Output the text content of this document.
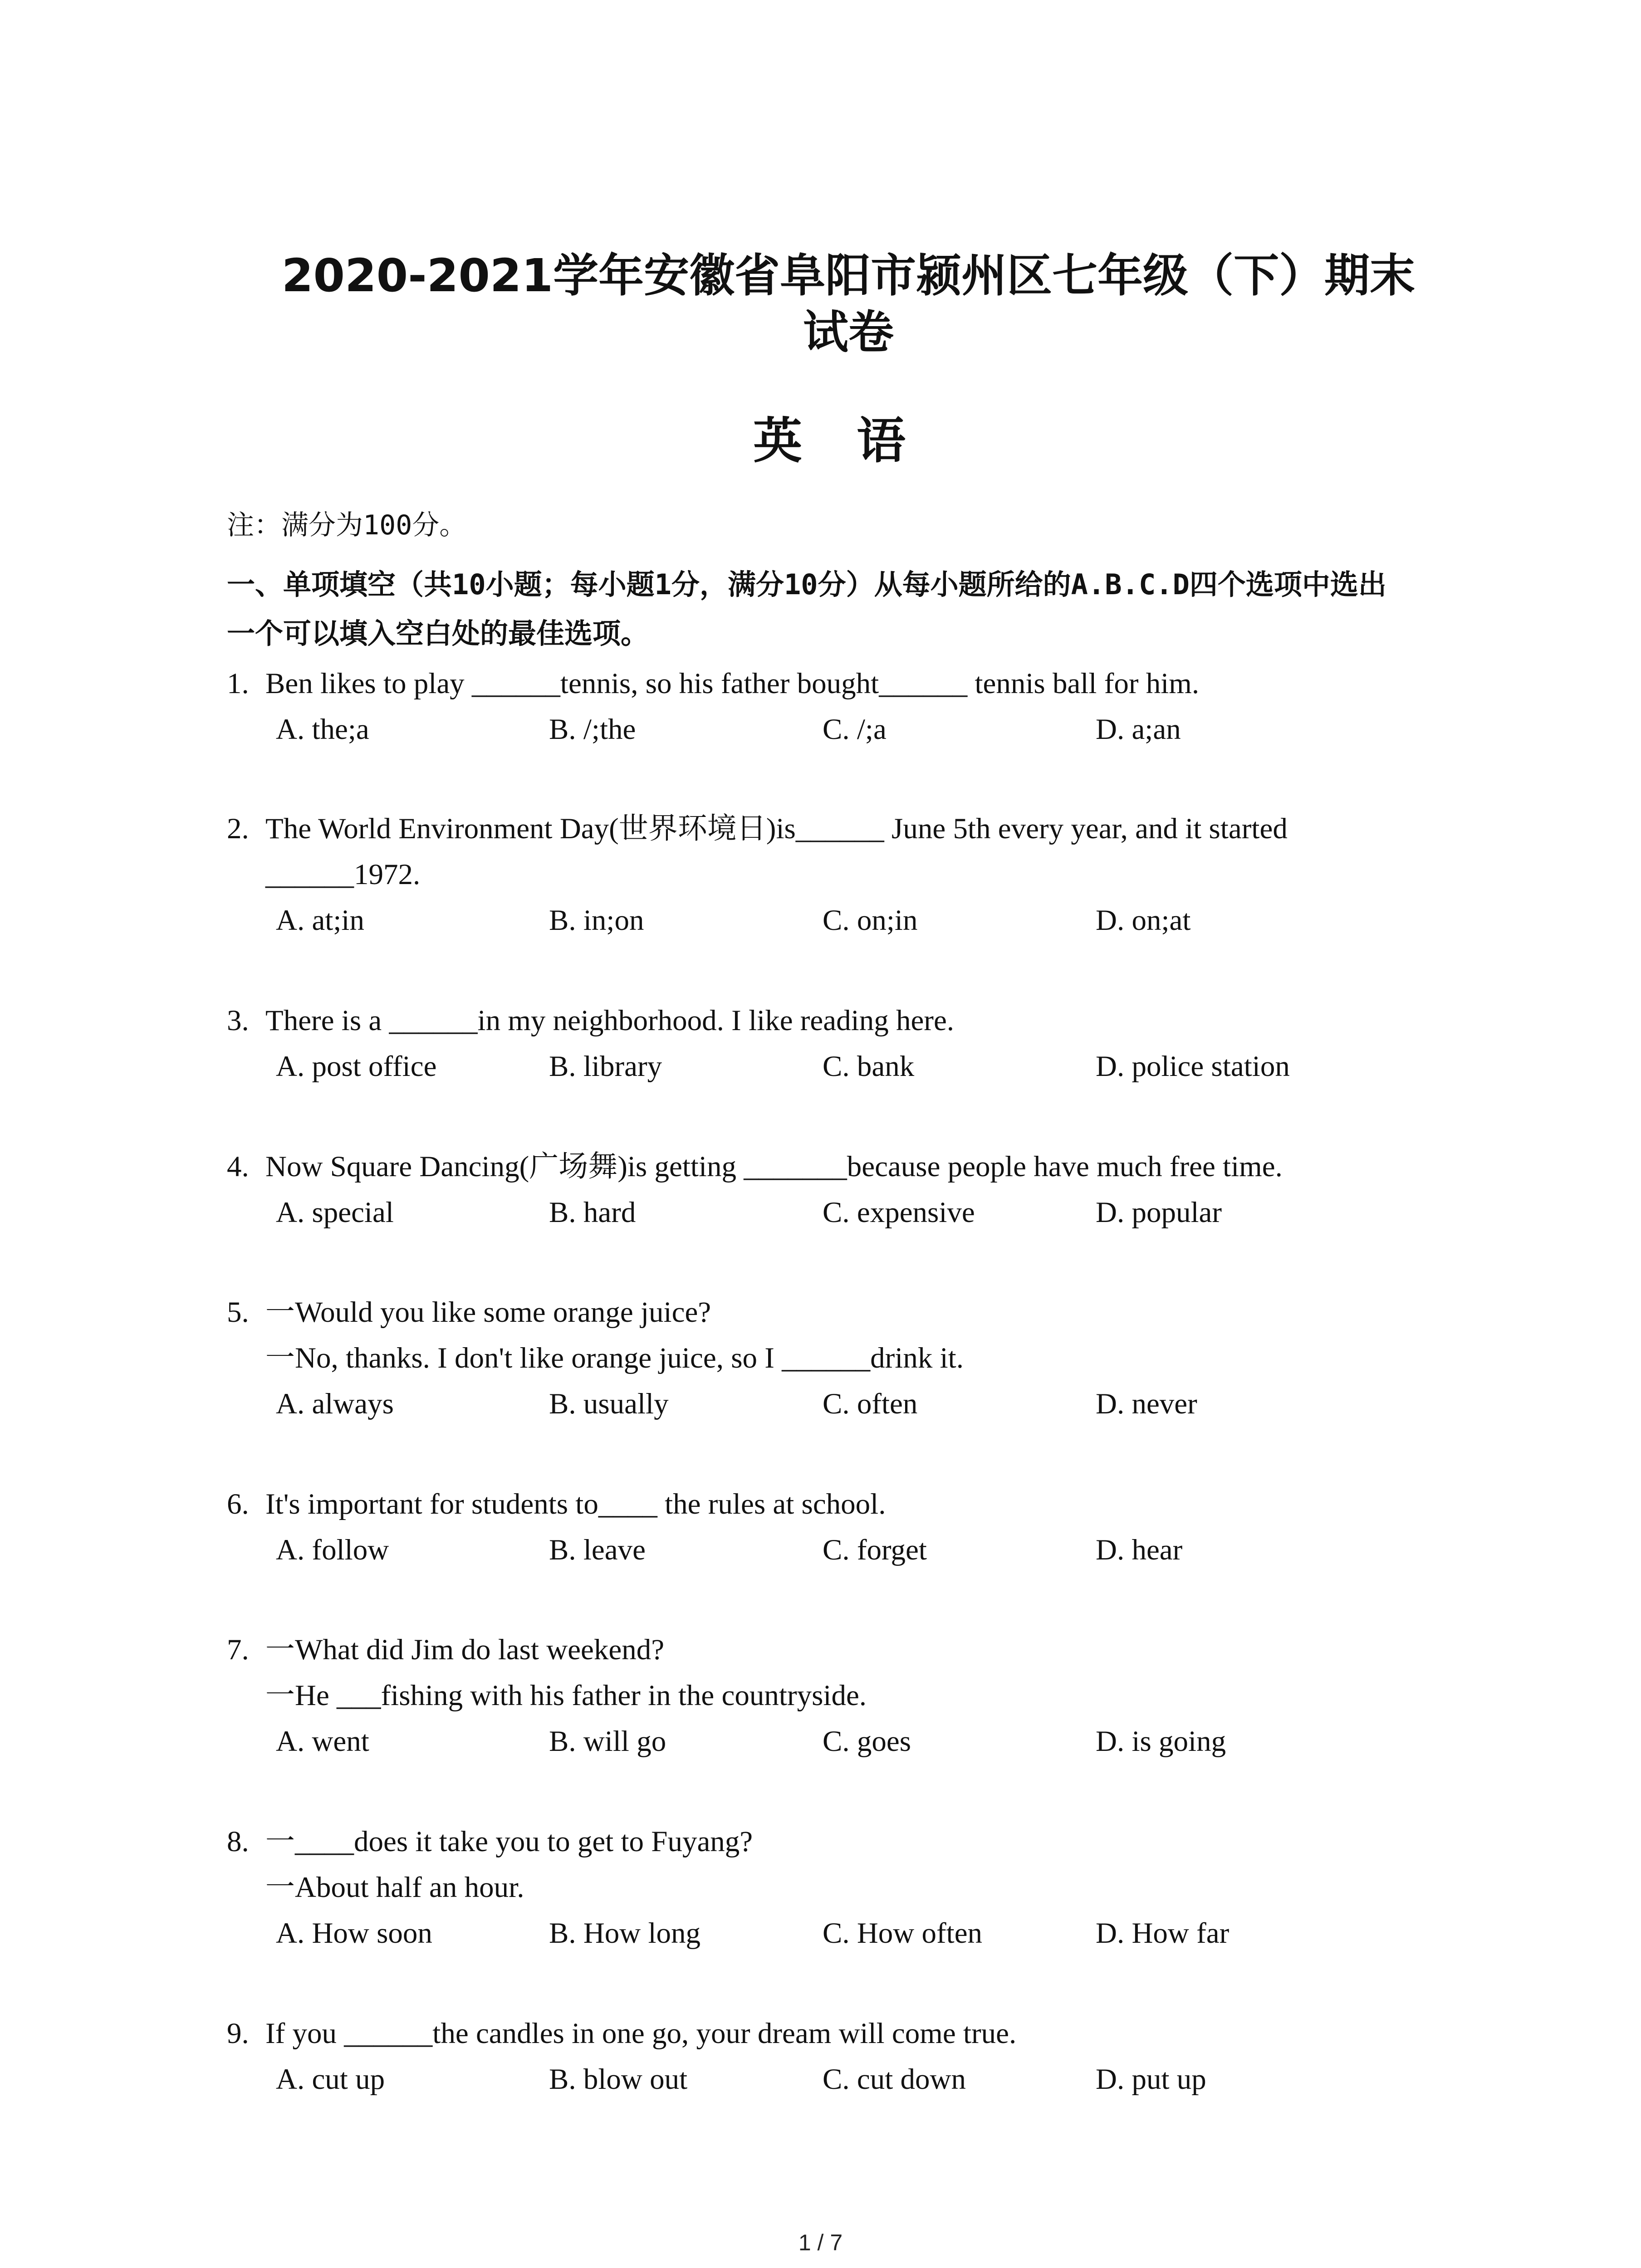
2020-2021学年安徽省阜阳市颍州区七年级（下）期末
试卷
英语
注：满分为100分。
一、单项填空（共10小题；每小题1分，满分10分）从每小题所给的A.B.C.D四个选项中选出
一个可以填入空白处的最佳选项。
1. Ben likes to play ______tennis, so his father bought______ tennis ball for him.
A. the;a	B. /;the	C. /;a	D. a;an
2. The World Environment Day(世界环境日)is______ June 5th every year, and it started
______1972.
A. at;in	B. in;on	C. on;in	D. on;at
3. There is a ______in my neighborhood. I like reading here.
A. post office	B. library	C. bank	D. police station
4. Now Square Dancing(广场舞)is getting _______because people have much free time.
A. special	B. hard	C. expensive	D. popular
5. 一Would you like some orange juice?
一No, thanks. I don't like orange juice, so I ______drink it.
A. always	B. usually	C. often	D. never
6. It's important for students to____ the rules at school.
A. follow	B. leave	C. forget	D. hear
7. 一What did Jim do last weekend?
一He ___fishing with his father in the countryside.
A. went	B. will go	C. goes	D. is going
8. 一____does it take you to get to Fuyang?
一About half an hour.
A. How soon	B. How long	C. How often	D. How far
9. If you ______the candles in one go, your dream will come true.
A. cut up	B. blow out	C. cut down	D. put up
1 / 7
